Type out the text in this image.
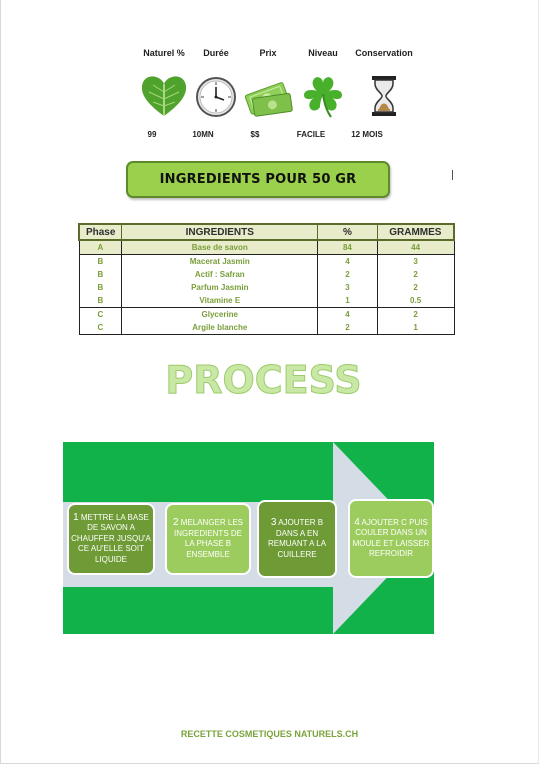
Naturel % Durée	Prix	Niveau Conservation
99	10MN	$$	FACILE	12 MOIS
INGREDIENTS POUR 50 GR
Phase	INGREDIENTS	%	GRAMMES
A	Base de savon	84	44
B	Macerat Jasmin	4	3
B	Actif : Safran	2	2
B	Parfum Jasmin	3	2
B	Vitamine E	1	0.5
C	Glycerine	4	2
C	Argile blanche	2	1
PROCESS
1 METTRE LA BASE DE SAVON A CHAUFFER JUSQU'A CE AU'ELLE SOIT LIQUIDE
2 MELANGER LES INGREDIENTS DE LA PHASE B ENSEMBLE
3 AJOUTER B DANS A EN REMUANT A LA CUILLERE
4 AJOUTER C PUIS COULER DANS UN MOULE ET LAISSER REFROIDIR
RECETTE COSMETIQUES NATURELS.CH
